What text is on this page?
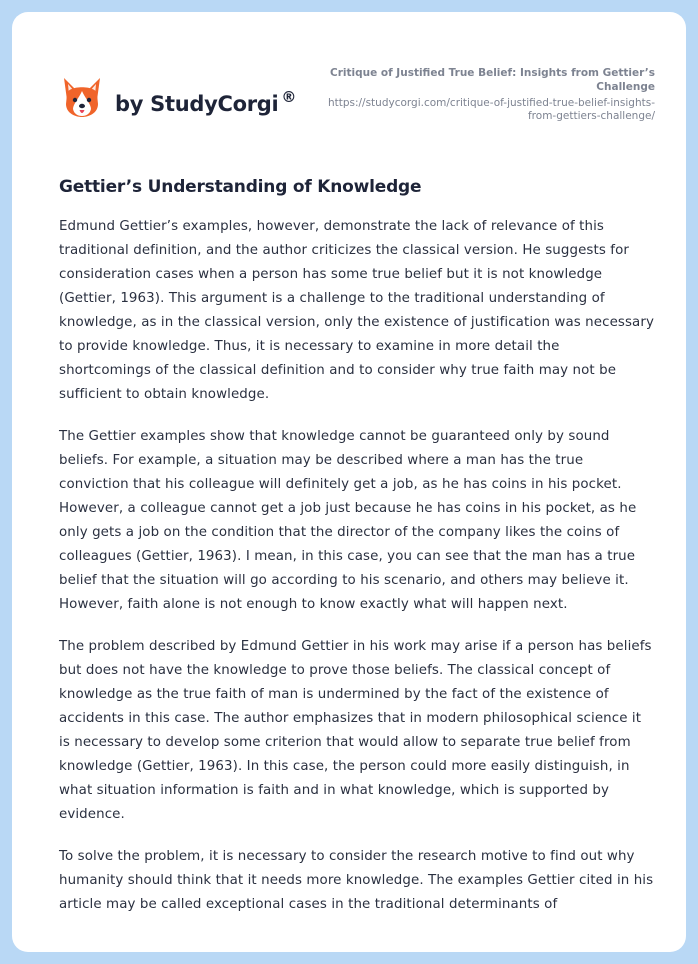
by StudyCorgi ®
Critique of Justified True Belief: Insights from Gettier’s Challenge
https://studycorgi.com/critique-of-justified-true-belief-insights-from-gettiers-challenge/
Gettier’s Understanding of Knowledge

Edmund Gettier’s examples, however, demonstrate the lack of relevance of this traditional definition, and the author criticizes the classical version. He suggests for consideration cases when a person has some true belief but it is not knowledge (Gettier, 1963). This argument is a challenge to the traditional understanding of knowledge, as in the classical version, only the existence of justification was necessary to provide knowledge. Thus, it is necessary to examine in more detail the shortcomings of the classical definition and to consider why true faith may not be sufficient to obtain knowledge.

The Gettier examples show that knowledge cannot be guaranteed only by sound beliefs. For example, a situation may be described where a man has the true conviction that his colleague will definitely get a job, as he has coins in his pocket. However, a colleague cannot get a job just because he has coins in his pocket, as he only gets a job on the condition that the director of the company likes the coins of colleagues (Gettier, 1963). I mean, in this case, you can see that the man has a true belief that the situation will go according to his scenario, and others may believe it. However, faith alone is not enough to know exactly what will happen next.

The problem described by Edmund Gettier in his work may arise if a person has beliefs but does not have the knowledge to prove those beliefs. The classical concept of knowledge as the true faith of man is undermined by the fact of the existence of accidents in this case. The author emphasizes that in modern philosophical science it is necessary to develop some criterion that would allow to separate true belief from knowledge (Gettier, 1963). In this case, the person could more easily distinguish, in what situation information is faith and in what knowledge, which is supported by evidence.

To solve the problem, it is necessary to consider the research motive to find out why humanity should think that it needs more knowledge. The examples Gettier cited in his article may be called exceptional cases in the traditional determinants of
